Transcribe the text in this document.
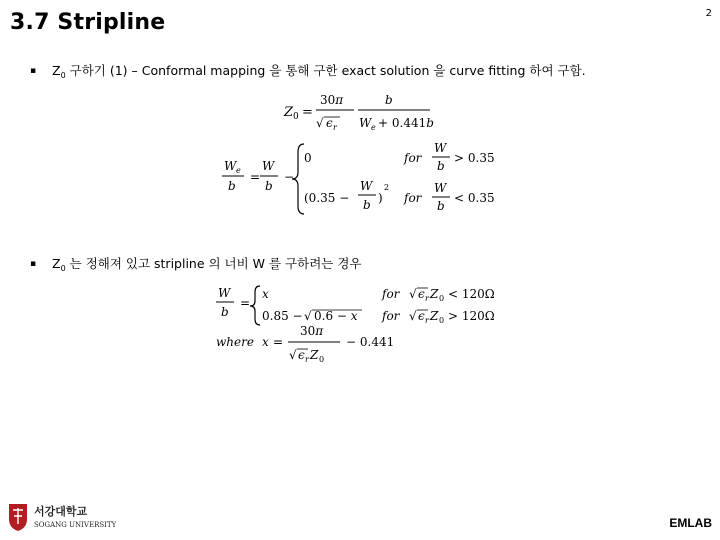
3.7 Stripline	2
▪ $Z_0$ 구하기 (1) – Conformal mapping 을 통해 구한 exact solution 을 curve fitting 하여 구함.
Z 0 =
30π
√ ϵ r
b
W e + 0.441b
W e
b
=
W
b
−
0
(0.35 −
W
b )
2
for
W
b
> 0.35
for
W
b
< 0.35
▪ $Z_0$ 는 정해져 있고 stripline 의 너비 W 를 구하려는 경우
W
b
=
x
0.85 − √ 0.6 − x
for √ ϵ r Z 0 < 120Ω
for √ ϵ r Z 0 > 120Ω
where x =
30π
√ ϵ r Z 0
− 0.441
서강대학교
SOGANG UNIVERSITY	EMLAB
